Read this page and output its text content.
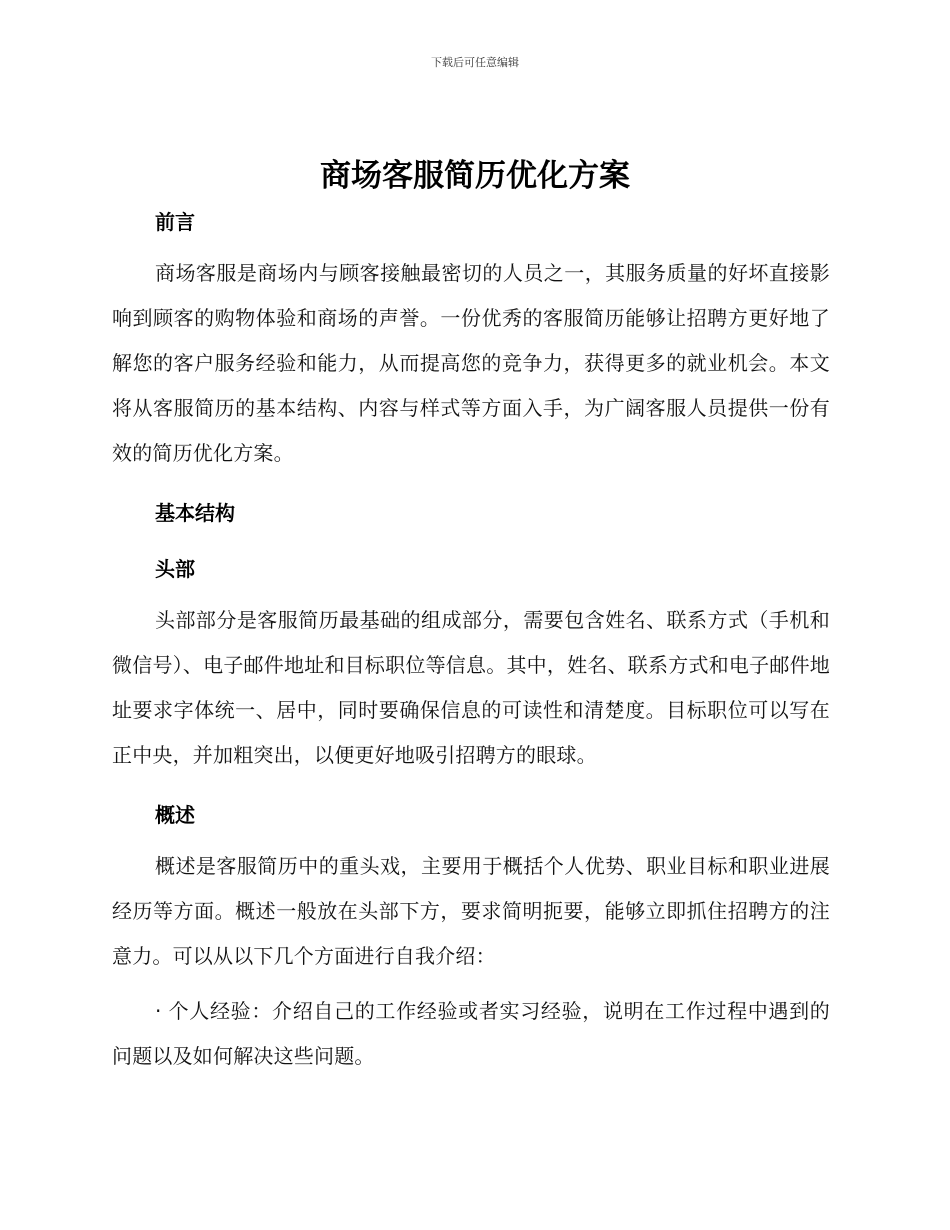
下载后可任意编辑
商场客服简历优化方案

前言

商场客服是商场内与顾客接触最密切的人员之一，其服务质量的好坏直接影响到顾客的购物体验和商场的声誉。一份优秀的客服简历能够让招聘方更好地了解您的客户服务经验和能力，从而提高您的竞争力，获得更多的就业机会。本文将从客服简历的基本结构、内容与样式等方面入手，为广阔客服人员提供一份有效的简历优化方案。

基本结构

头部

头部部分是客服简历最基础的组成部分，需要包含姓名、联系方式（手机和微信号）、电子邮件地址和目标职位等信息。其中，姓名、联系方式和电子邮件地址要求字体统一、居中，同时要确保信息的可读性和清楚度。目标职位可以写在正中央，并加粗突出，以便更好地吸引招聘方的眼球。

概述

概述是客服简历中的重头戏，主要用于概括个人优势、职业目标和职业进展经历等方面。概述一般放在头部下方，要求简明扼要，能够立即抓住招聘方的注意力。可以从以下几个方面进行自我介绍：

· 个人经验：介绍自己的工作经验或者实习经验，说明在工作过程中遇到的问题以及如何解决这些问题。
